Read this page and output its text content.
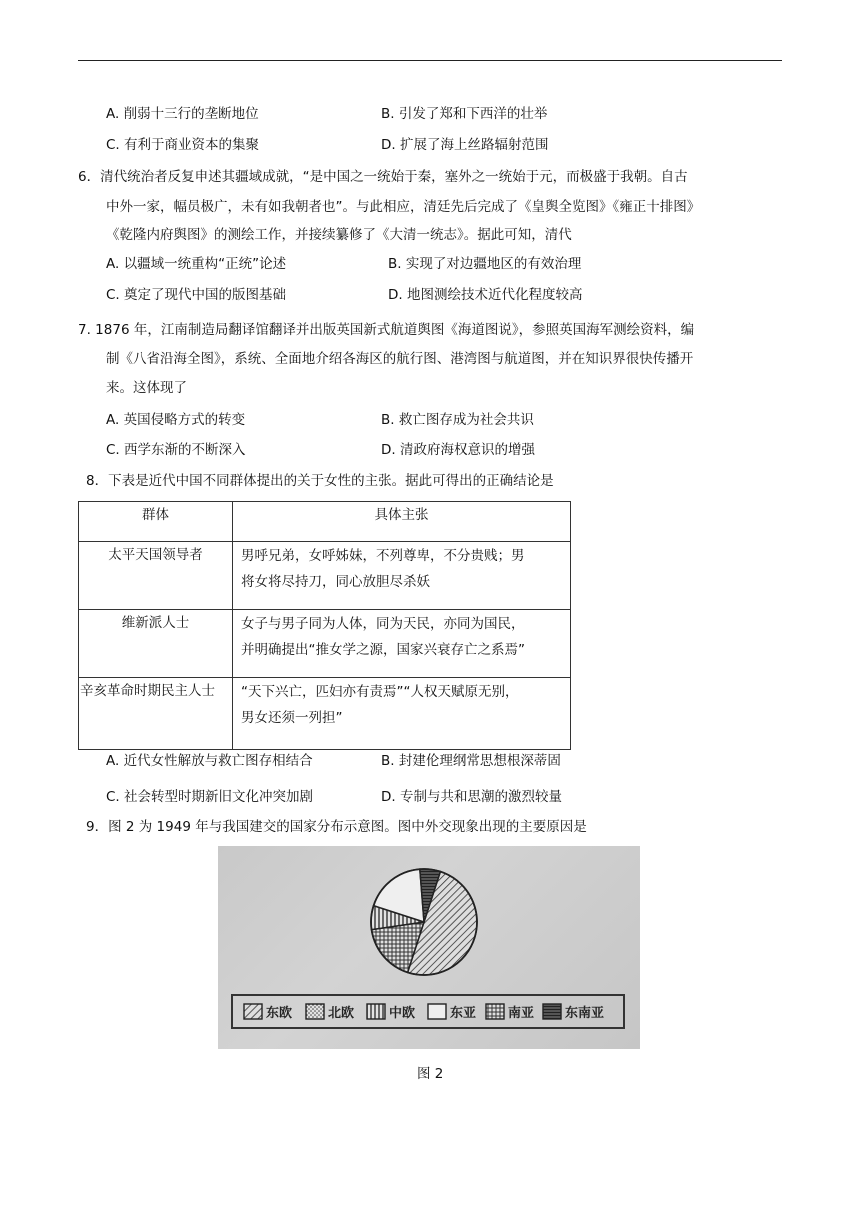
A. 削弱十三行的垄断地位	B. 引发了郑和下西洋的壮举
C. 有利于商业资本的集聚	D. 扩展了海上丝路辐射范围
6．清代统治者反复申述其疆域成就，“是中国之一统始于秦，塞外之一统始于元，而极盛于我朝。自古
中外一家，幅员极广，未有如我朝者也”。与此相应，清廷先后完成了《皇舆全览图》《雍正十排图》
《乾隆内府舆图》的测绘工作，并接续纂修了《大清一统志》。据此可知，清代
A. 以疆域一统重构“正统”论述	B. 实现了对边疆地区的有效治理
C. 奠定了现代中国的版图基础	D. 地图测绘技术近代化程度较高
7. 1876 年，江南制造局翻译馆翻译并出版英国新式航道舆图《海道图说》，参照英国海军测绘资料，编
制《八省沿海全图》，系统、全面地介绍各海区的航行图、港湾图与航道图，并在知识界很快传播开
来。这体现了
A. 英国侵略方式的转变	B. 救亡图存成为社会共识
C. 西学东渐的不断深入	D. 清政府海权意识的增强
8．下表是近代中国不同群体提出的关于女性的主张。据此可得出的正确结论是
群体	具体主张
太平天国领导者	男呼兄弟，女呼姊妹，不列尊卑，不分贵贱；男
将女将尽持刀，同心放胆尽杀妖

维新派人士	女子与男子同为人体，同为天民，亦同为国民，
并明确提出“推女学之源，国家兴衰存亡之系焉”

辛亥革命时期民主人士	“天下兴亡，匹妇亦有责焉”“人权天赋原无别，
男女还须一列担”
A. 近代女性解放与救亡图存相结合	B. 封建伦理纲常思想根深蒂固
C. 社会转型时期新旧文化冲突加剧	D. 专制与共和思潮的激烈较量
9．图 2 为 1949 年与我国建交的国家分布示意图。图中外交现象出现的主要原因是
东欧	北欧	中欧	东亚 南亚 东南亚
图 2
